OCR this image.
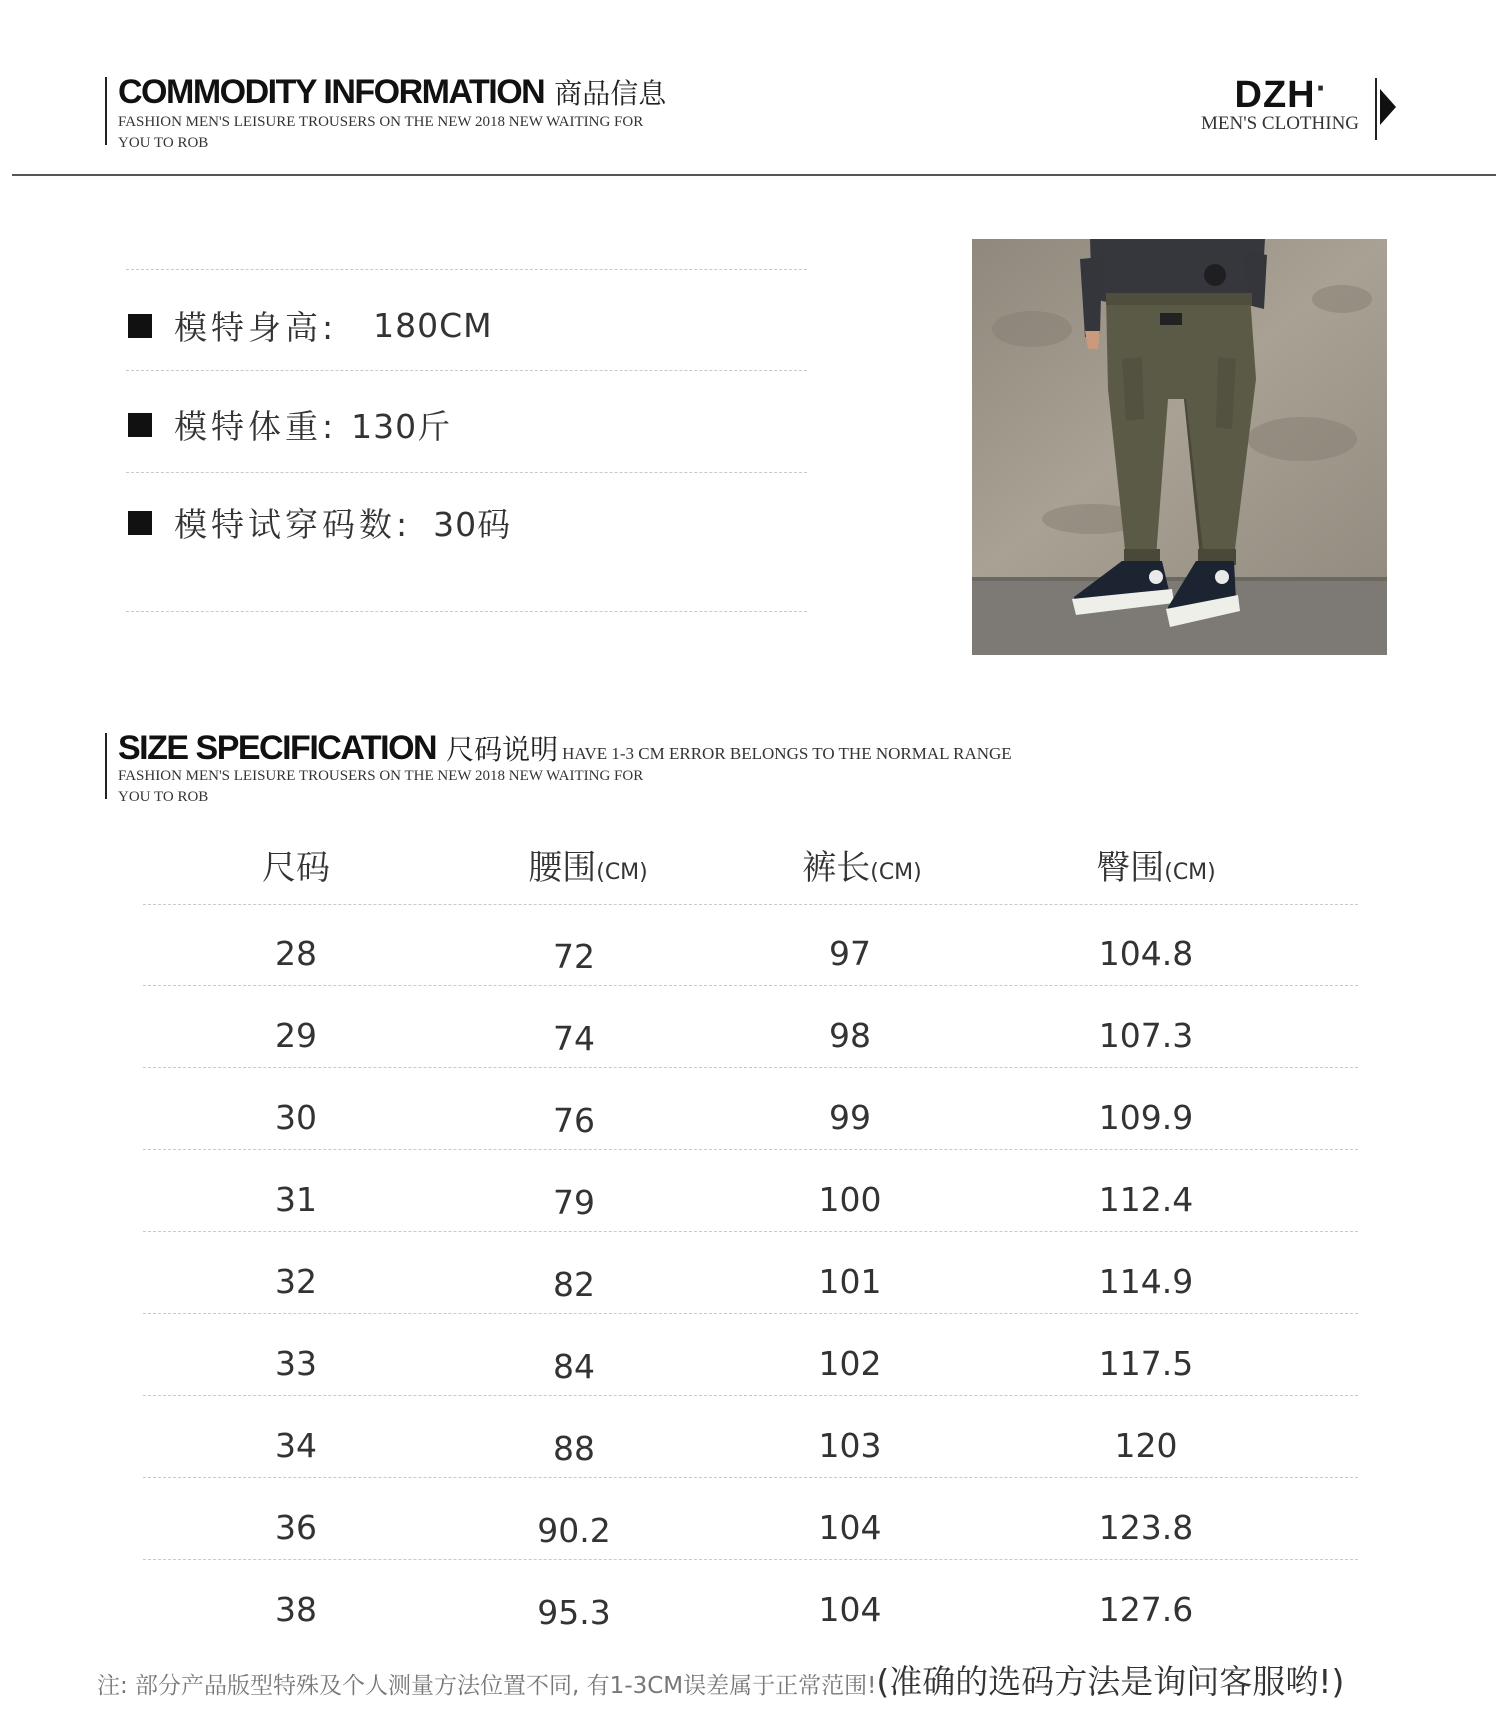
COMMODITY INFORMATION 商品信息
FASHION MEN'S LEISURE TROUSERS ON THE NEW 2018 NEW WAITING FOR
YOU TO ROB
DZH·
MEN'S CLOTHING
模特身高: 180CM
模特体重: 130斤
模特试穿码数: 30码
SIZE SPECIFICATION 尺码说明 HAVE 1-3 CM ERROR BELONGS TO THE NORMAL RANGE
FASHION MEN'S LEISURE TROUSERS ON THE NEW 2018 NEW WAITING FOR
YOU TO ROB
尺码	腰围(CM)	裤长(CM)	臀围(CM)
28	72	97	104.8
29	74	98	107.3
30	76	99	109.9
31	79	100	112.4
32	82	101	114.9
33	84	102	117.5
34	88	103	120
36	90.2	104	123.8
38	95.3	104	127.6
注: 部分产品版型特殊及个人测量方法位置不同, 有1-3CM误差属于正常范围!(准确的选码方法是询问客服哟!)
